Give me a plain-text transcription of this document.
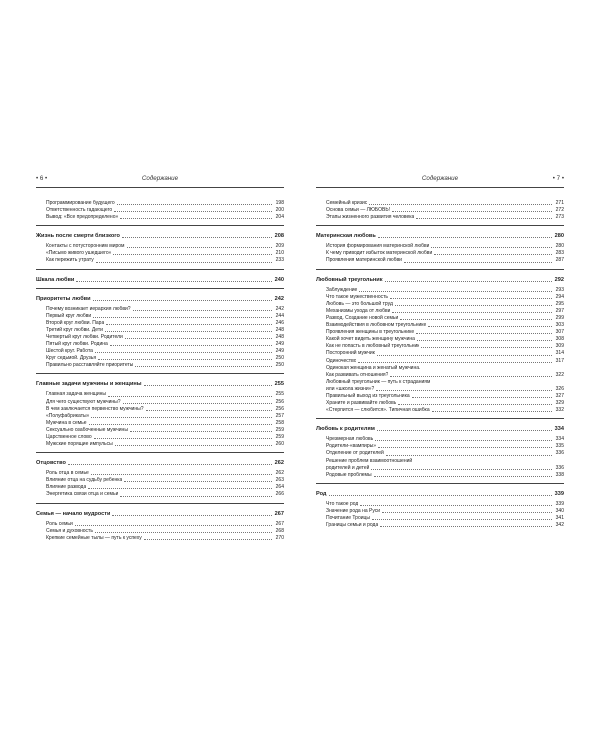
• 6 •	Содержание
Программирование будущего	198
Ответственность гадающего	200
Вывод: «Все предопределено»	204
Жизнь после смерти близкого	208
Контакты с потусторонним миром	209
«Письмо живого ушедшего»	210
Как пережить утрату	233
Шкала любви	240
Приоритеты любви	242
Почему возникает иерархия любви?	242
Первый круг любви	244
Второй круг любви. Пара	246
Третий круг любви. Дети	248
Четвертый круг любви. Родители	248
Пятый круг любви. Родина	249
Шестой круг. Работа	249
Круг седьмой. Друзья	250
Правильно расставляйте приоритеты	250
Главные задачи мужчины и женщины	255
Главная задача женщины	255
Для чего существуют мужчины?	256
В чем заключается первенство мужчины?	256
«Полуфабрикаты»	257
Мужчина в семье	258
Сексуально озабоченные мужчины	259
Царственное слово	259
Мужские порящие импульсы	260
Отцовство	262
Роль отца в семье	262
Влияние отца на судьбу ребенка	263
Влияние развода	264
Энергетика связи отца и семьи	266
Семья — начало мудрости	267
Роль семьи	267
Семья и духовность	268
Крепкие семейные тылы — путь к успеху	270
• 7 •
Содержание
Семейный кризис	271
Основа семьи — ЛЮБОВЬ!	272
Этапы жизненного развития человека	273
Материнская любовь	280
История формирования материнской любви	280
К чему приводит избыток материнской любви	283
Проявления материнской любви	287
Любовный треугольник	292
Заблуждение	293
Что такое мужественность	294
Любовь — это большой труд	295
Механизмы ухода от любви	297
Развод. Создание новой семьи	299
Взаимодействия в любовном треугольнике	303
Проявления женщины в треугольнике	307
Какой хочет видеть женщину мужчина	308
Как не попасть в любовный треугольник	309
Посторонний мужчик	314
Одиночество	317
Одинокая женщина и женатый мужчина.
Как развивать отношения?	322
Любовный треугольник — путь к страданиям
или «школа жизни»?	326
Правильный выход из треугольника	327
Храните и развивайте любовь	329
«Стерпится — слюбится». Типичная ошибка	332
Любовь к родителям	334
Чрезмерная любовь	334
Родители-«вампиры»	335
Отделение от родителей	336
Решение проблем взаимоотношений
родителей и детей	336
Родовые проблемы	338
Род	339
Что такое род	339
Значение рода на Руси	340
Почитание Троицы	341
Границы семьи и рода	342
